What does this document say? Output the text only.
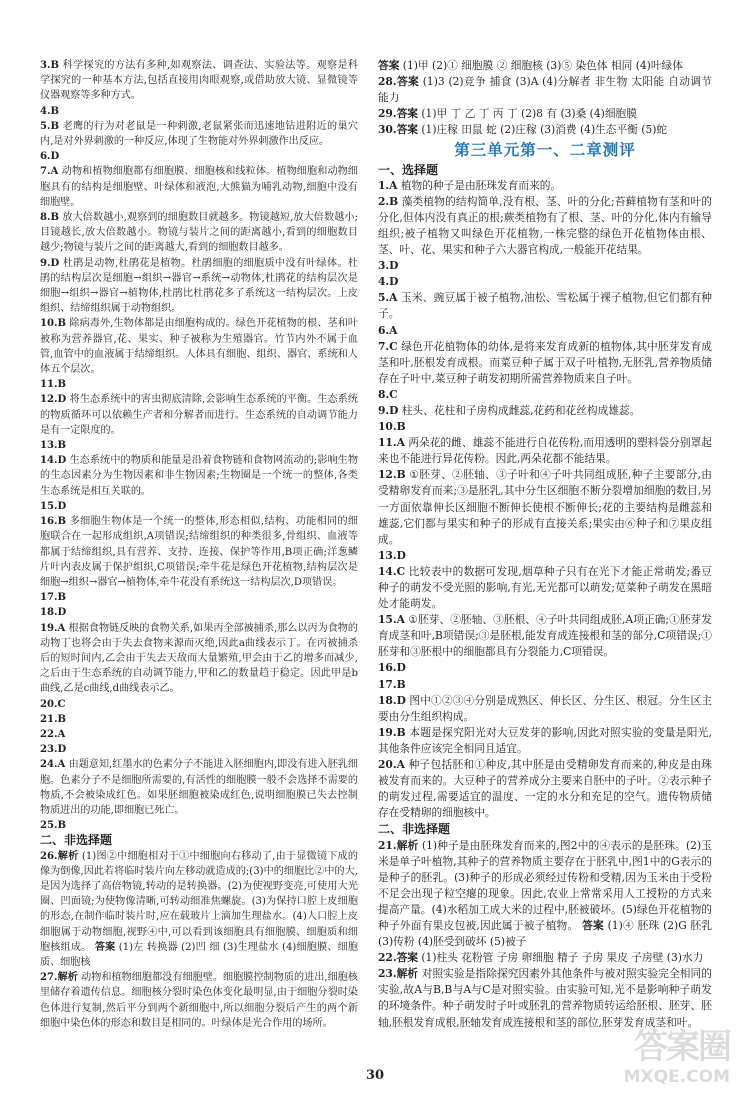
3.B 科学探究的方法有多种,如观察法、调查法、实验法等。观察是科学探究的一种基本方法,包括直接用肉眼观察,或借助放大镜、显微镜等仪器观察等多种方式。

4.B

5.B 老鹰的行为对老鼠是一种刺激,老鼠紧张而迅速地钻进附近的巢穴内,是对外界刺激的一种反应,体现了生物能对外界刺激作出反应。

6.D

7.A 动物和植物细胞都有细胞膜、细胞核和线粒体。植物细胞和动物细胞具有的结构是细胞壁、叶绿体和液泡,大熊猫为哺乳动物,细胞中没有细胞壁。

8.B 放大倍数越小,观察到的细胞数目就越多。物镜越短,放大倍数越小;目镜越长,放大倍数越小。物镜与装片之间的距离越小,看到的细胞数目越少;物镜与装片之间的距离越大,看到的细胞数目越多。

9.D 杜鹃是动物,杜鹃花是植物。杜鹃细胞的细胞质中没有叶绿体。杜鹃的结构层次是细胞→组织→器官→系统→动物体,杜鹃花的结构层次是细胞→组织→器官→植物体,杜鹃比杜鹃花多了系统这一结构层次。上皮组织、结缔组织属于动物组织。

10.B 除病毒外,生物体都是由细胞构成的。绿色开花植物的根、茎和叶被称为营养器官,花、果实、种子被称为生殖器官。竹节内外不属于血管,血管中的血液属于结缔组织。人体具有细胞、组织、器官、系统和人体五个层次。

11.B

12.D 将生态系统中的害虫彻底清除,会影响生态系统的平衡。生态系统的物质循环可以依赖生产者和分解者而进行。生态系统的自动调节能力是有一定限度的。

13.B

14.D 生态系统中的物质和能量是沿着食物链和食物网流动的;影响生物的生态因素分为生物因素和非生物因素;生物圈是一个统一的整体,各类生态系统是相互关联的。

15.D

16.B 多细胞生物体是一个统一的整体,形态相似,结构、功能相同的细胞联合在一起形成组织,A项错误;结缔组织的种类很多,骨组织、血液等都属于结缔组织,具有营养、支持、连接、保护等作用,B项正确;洋葱鳞片叶内表皮属于保护组织,C项错误;牵牛花是绿色开花植物,结构层次是细胞→组织→器官→植物体,牵牛花没有系统这一结构层次,D项错误。

17.B

18.D

19.A 根据食物链反映的食物关系,如果丙全部被捕杀,那么以丙为食物的动物丁也将会由于失去食物来源而灭绝,因此a曲线表示丁。在丙被捕杀后的短时间内,乙会由于失去天敌而大量繁殖,甲会由于乙的增多而减少,之后由于生态系统的自动调节能力,甲和乙的数量趋于稳定。因此甲是b曲线,乙是c曲线,d曲线表示乙。

20.C

21.B

22.A

23.D

24.A 由题意知,红墨水的色素分子不能进入胚细胞内,即没有进入胚乳细胞。色素分子不是细胞所需要的,有活性的细胞膜一般不会选择不需要的物质,不会被染成红色。如果胚细胞被染成红色,说明细胞膜已失去控制物质进出的功能,即细胞已死亡。

25.B

二、非选择题

26.解析 (1)图②中细胞相对于①中细胞向右移动了,由于显微镜下成的像为倒像,因此若将临时装片向左移动就造成的;(3)中的细胞比②中的大,是因为选择了高倍物镜,转动的是转换器。(2)为使视野变亮,可使用大光圈、凹面镜;为使物像清晰,可转动细准焦螺旋。(3)为保持口腔上皮细胞的形态,在制作临时装片时,应在载玻片上滴加生理盐水。(4)人口腔上皮细胞属于动物细胞,视野④中,可以看到该细胞具有细胞膜、细胞质和细胞核组成。 答案 (1)左 转换器 (2)凹 细 (3)生理盐水 (4)细胞膜、细胞质、细胞核

27.解析 动物和植物细胞都没有细胞壁。细胞膜控制物质的进出,细胞核里储存着遗传信息。细胞核分裂时染色体变化最明显,由于细胞分裂时染色体进行复制,然后平分到两个新细胞中,所以细胞分裂后产生的两个新细胞中染色体的形态和数目是相同的。叶绿体是光合作用的场所。

答案 (1)甲 (2)① 细胞膜 ② 细胞核 (3)⑤ 染色体 相同 (4)叶绿体

28.答案 (1)3 (2)竞争 捕食 (3)A (4)分解者 非生物 太阳能 自动调节能力

29.答案 (1)甲 丁 乙 丁 丙 丁 (2)8 有 (3)桑 (4)细胞膜

30.答案 (1)庄稼 田鼠 蛇 (2)庄稼 (3)消费 (4)生态平衡 (5)蛇

第三单元第一、二章测评

一、选择题

1.A 植物的种子是由胚珠发育而来的。

2.B 藻类植物的结构简单,没有根、茎、叶的分化;苔藓植物有茎和叶的分化,但体内没有真正的根;蕨类植物有了根、茎、叶的分化,体内有输导组织;被子植物又叫绿色开花植物,一株完整的绿色开花植物体由根、茎、叶、花、果实和种子六大器官构成,一般能开花结果。

3.D

4.D

5.A 玉米、豌豆属于被子植物,油松、雪松属于裸子植物,但它们都有种子。

6.A

7.C 绿色开花植物体的幼体,是将来发育成新的植物体,其中胚芽发育成茎和叶,胚根发育成根。而菜豆种子属于双子叶植物,无胚乳,营养物质储存在子叶中,菜豆种子萌发初期所需营养物质来自子叶。

8.C

9.D 柱头、花柱和子房构成雌蕊,花药和花丝构成雄蕊。

10.B

11.A 两朵花的雌、雄蕊不能进行自花传粉,而用透明的塑料袋分别罩起来也不能进行异花传粉。因此,两朵花都不能结果。

12.B ①胚芽、②胚轴、③子叶和④子叶共同组成胚,种子主要部分,由受精卵发育而来;③是胚乳,其中分生区细胞不断分裂增加细胞的数目,另一方面依靠伸长区细胞不断伸长使根不断伸长;花的主要结构是雌蕊和雄蕊,它们都与果实和种子的形成有直接关系;果实由⑥种子和⑦果皮组成。

13.D

14.C 比较表中的数据可发现,烟草种子只有在光下才能正常萌发;番豆种子的萌发不受光照的影响,有光,无光都可以萌发;苋菜种子萌发在黑暗处才能萌发。

15.A ①胚芽、②胚轴、③胚根、④子叶共同组成胚,A项正确;①胚芽发育成茎和叶,B项错误;③是胚根,能发育成连接根和茎的部分,C项错误;①胚芽和③胚根中的细胞都具有分裂能力,C项错误。

16.D

17.B

18.D 图中①②③④分别是成熟区、伸长区、分生区、根冠。分生区主要由分生组织构成。

19.B 本题是探究阳光对大豆发芽的影响,因此对照实验的变量是阳光,其他条件应该完全相同且适宜。

20.A 种子包括胚和①种皮,其中胚是由受精卵发育而来的,种皮是由珠被发育而来的。大豆种子的营养成分主要来自胚中的子叶。②表示种子的萌发过程,需要适宜的温度、一定的水分和充足的空气。遗传物质储存在受精卵的细胞核中。

二、非选择题

21.解析 (1)种子是由胚珠发育而来的,图2中的④表示的是胚珠。(2)玉米是单子叶植物,其种子的营养物质主要存在于胚乳中,图1中的G表示的是种子的胚乳。(3)种子的形成必须经过传粉和受精,因为玉米由于受粉不足会出现子粒空瘪的现象。因此,农业上常常采用人工授粉的方式来提高产量。(4)水稻加工成大米的过程中,胚被破坏。(5)绿色开花植物的种子外面有果皮包被,因此属于被子植物。 答案 (1)④ 胚珠 (2)G 胚乳 (3)传粉 (4)胚受到破坏 (5)被子

22.答案 (1)柱头 花粉管 子房 卵细胞 精子 子房 果皮 子房壁 (3)水力

23.解析 对照实验是指除探究因素外其他条件与被对照实验完全相同的实验,故A与B,B与A与C是对照实验。由实验可知,光不是影响种子萌发的环境条件。种子萌发时子叶或胚乳的营养物质转运给胚根、胚芽、胚轴,胚根发育成根,胚轴发育成连接根和茎的部位,胚芽发育成茎和叶。

30
答案圈
MXQE.COM
